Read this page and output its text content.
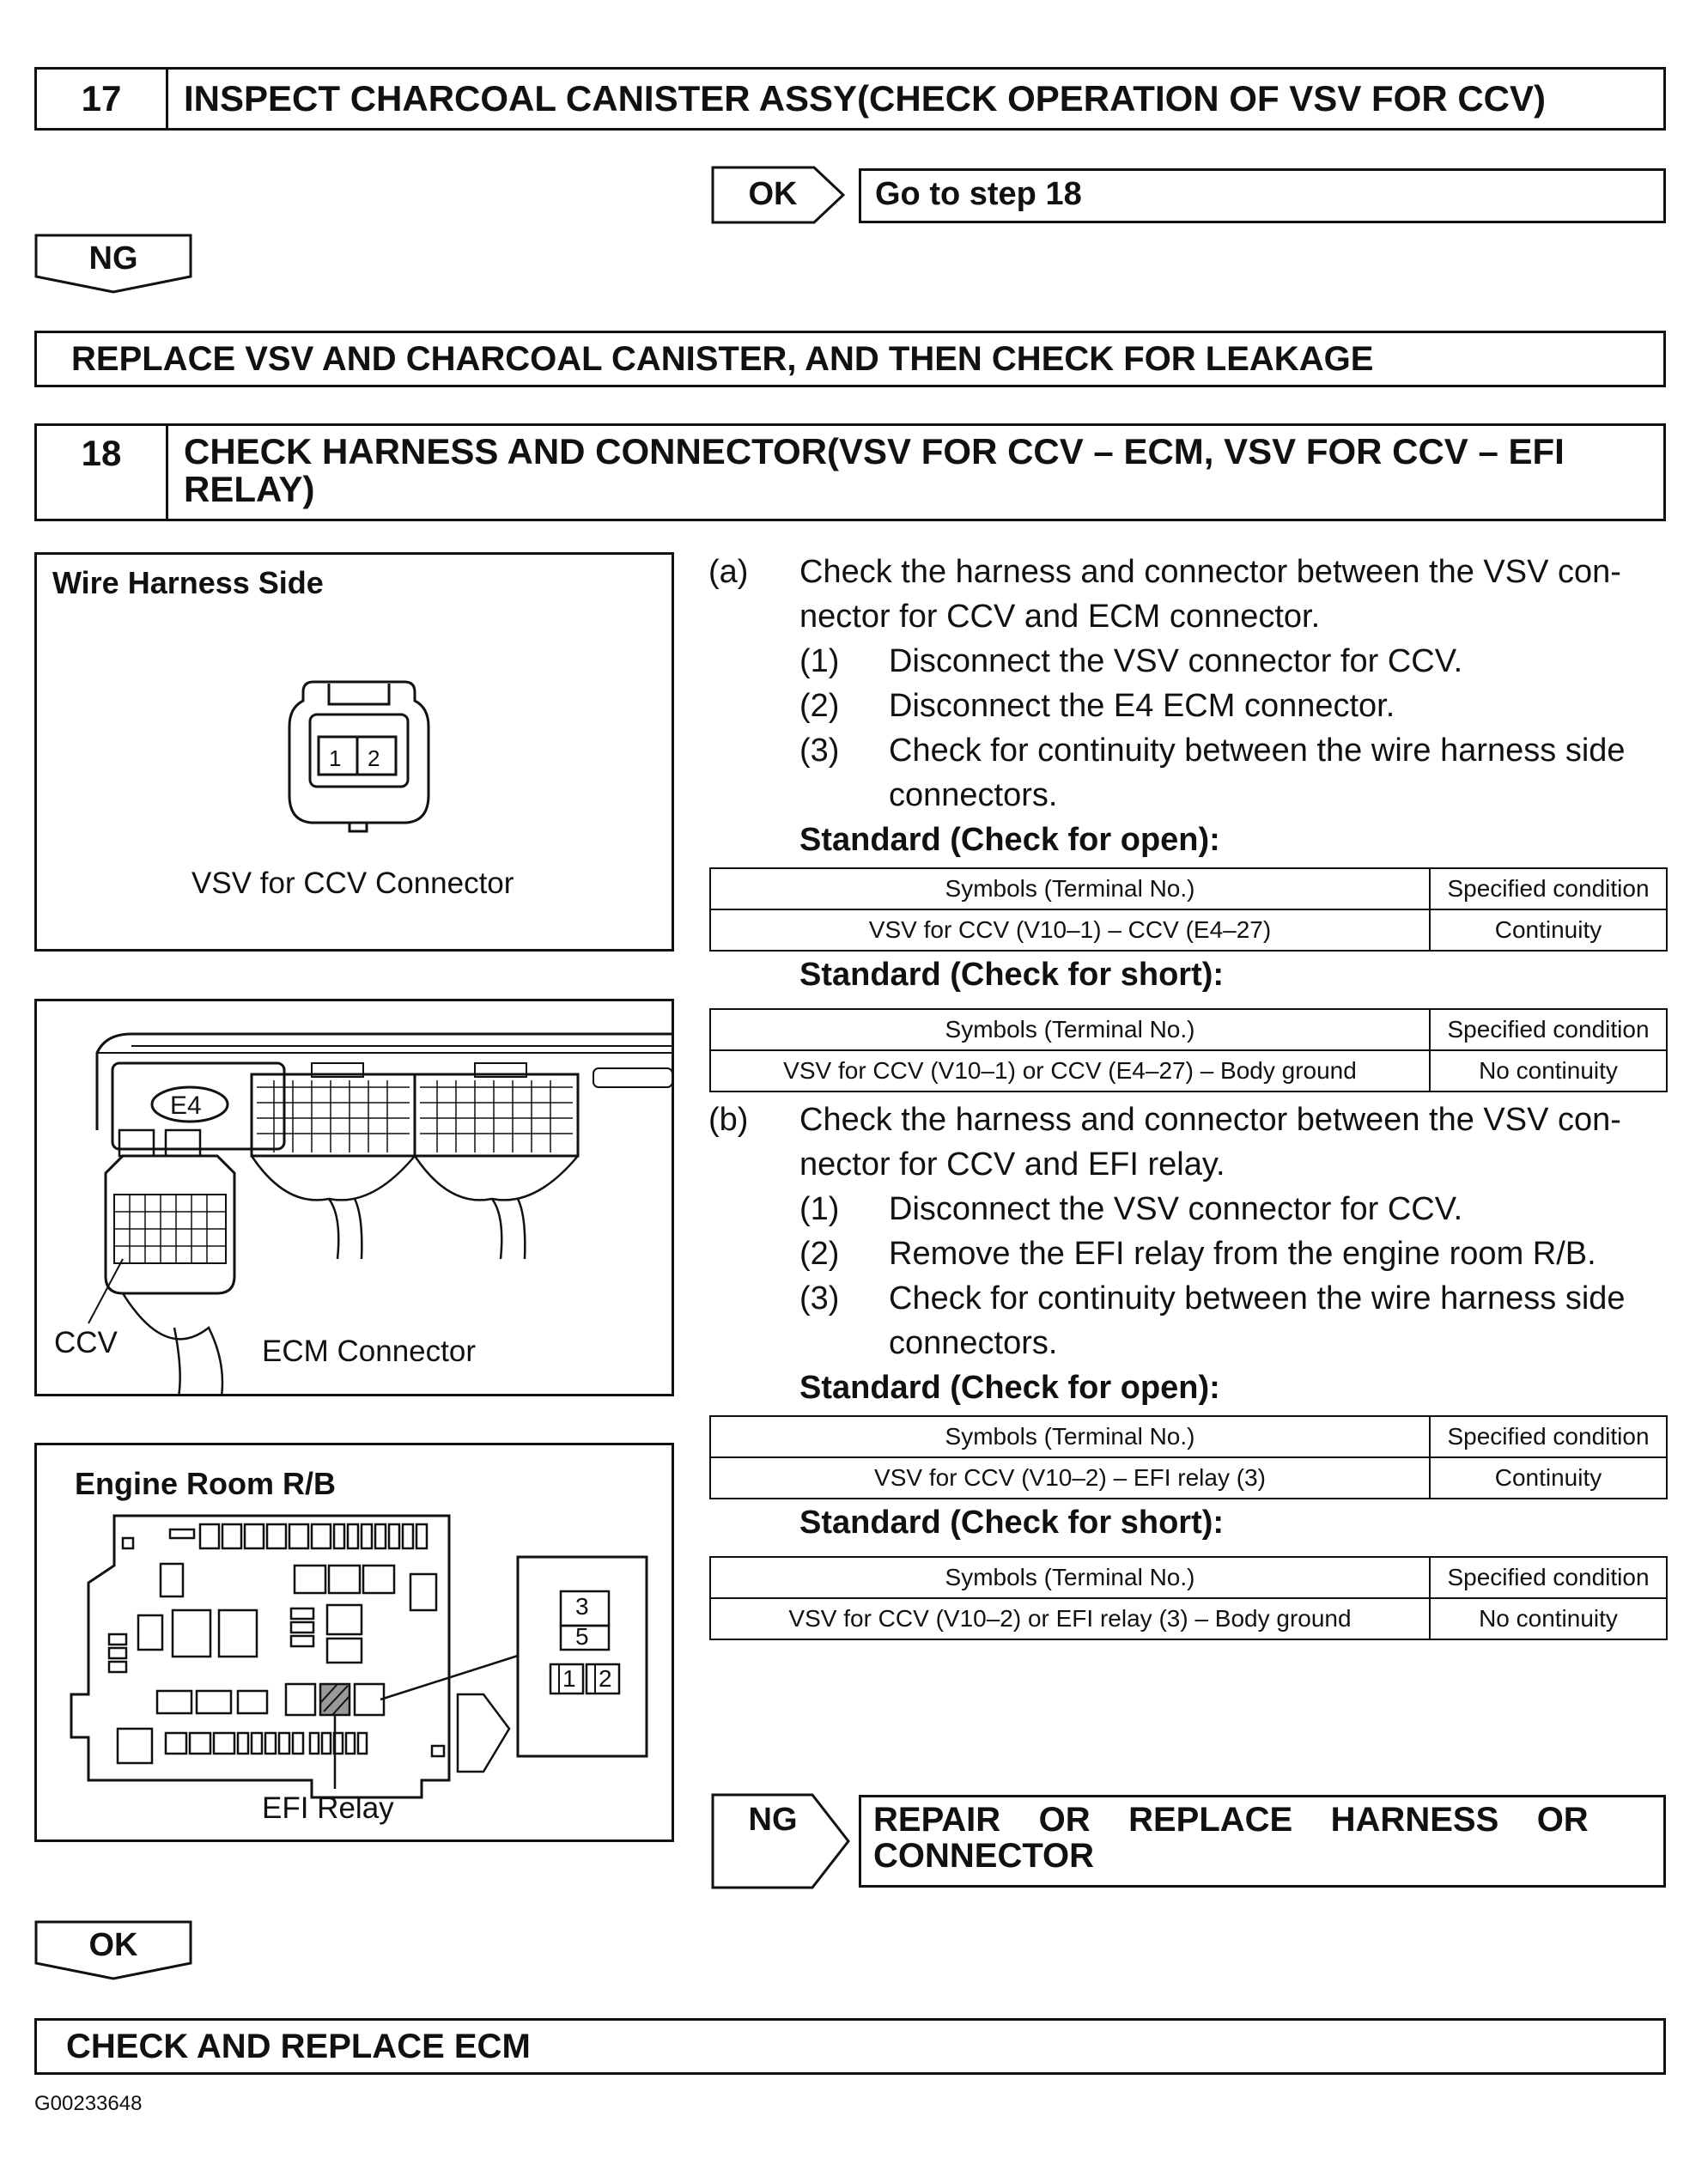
17	INSPECT CHARCOAL CANISTER ASSY(CHECK OPERATION OF VSV FOR CCV)
OK	Go to step 18
NG
REPLACE VSV AND CHARCOAL CANISTER, AND THEN CHECK FOR LEAKAGE
18	CHECK HARNESS AND CONNECTOR(VSV FOR CCV – ECM, VSV FOR CCV – EFI
RELAY)
Wire Harness Side
1 2
VSV for CCV Connector
E4
CCV	ECM Connector
Engine Room R/B
3
5
1 2
EFI Relay
(a) Check the harness and connector between the VSV con-
nector for CCV and ECM connector.
(1) Disconnect the VSV connector for CCV.
(2) Disconnect the E4 ECM connector.
(3) Check for continuity between the wire harness side
connectors.
Standard (Check for open):
Symbols (Terminal No.)	Specified condition
VSV for CCV (V10–1) – CCV (E4–27)	Continuity
Standard (Check for short):
Symbols (Terminal No.)	Specified condition
VSV for CCV (V10–1) or CCV (E4–27) – Body ground	No continuity
(b) Check the harness and connector between the VSV con-
nector for CCV and EFI relay.
(1) Disconnect the VSV connector for CCV.
(2) Remove the EFI relay from the engine room R/B.
(3) Check for continuity between the wire harness side
connectors.
Standard (Check for open):
Symbols (Terminal No.)	Specified condition
VSV for CCV (V10–2) – EFI relay (3)	Continuity
Standard (Check for short):
Symbols (Terminal No.)	Specified condition
VSV for CCV (V10–2) or EFI relay (3) – Body ground	No continuity
NG	REPAIR    OR    REPLACE    HARNESS    OR
CONNECTOR
OK
CHECK AND REPLACE ECM
G00233648
